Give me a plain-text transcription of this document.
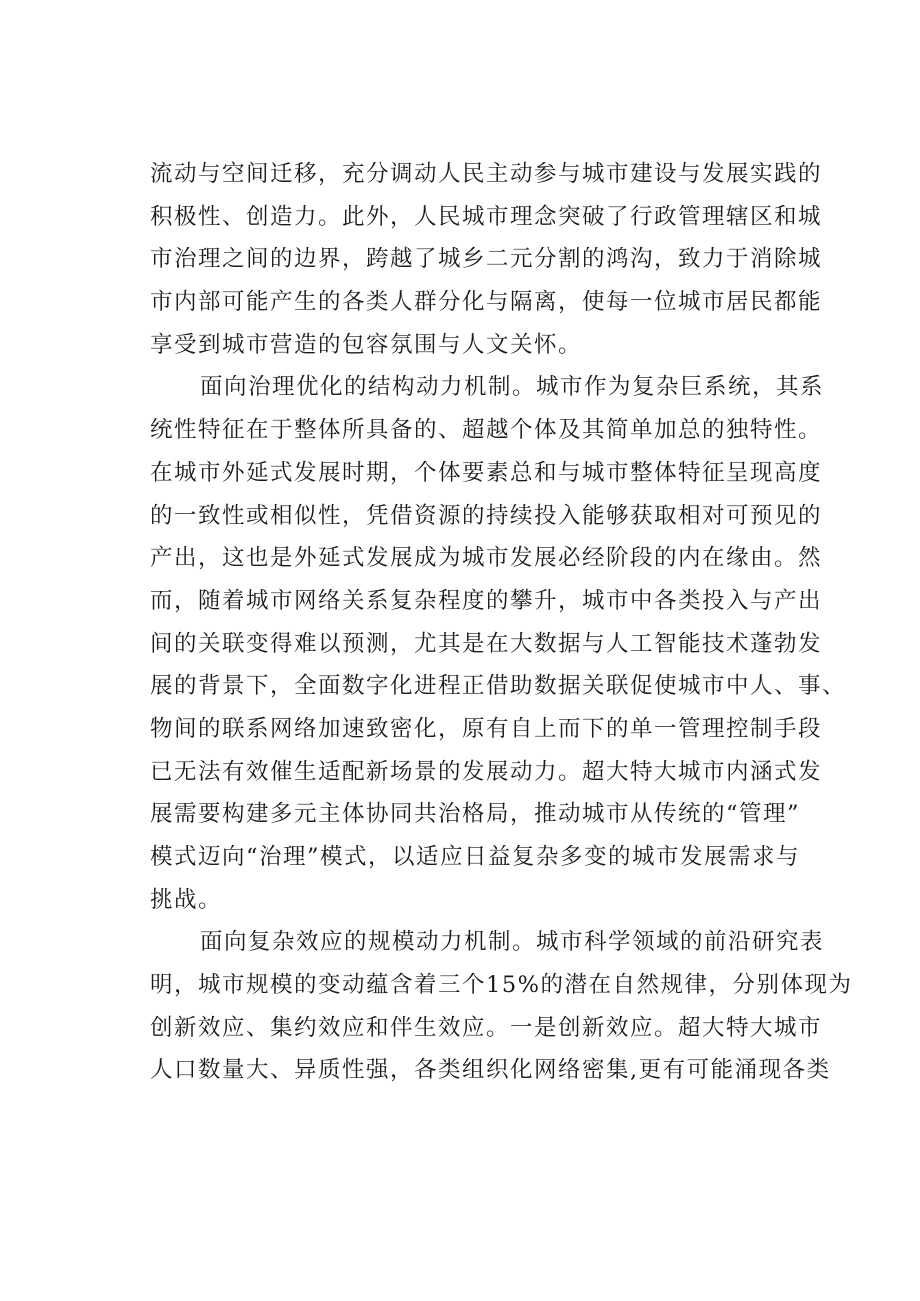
流动与空间迁移，充分调动人民主动参与城市建设与发展实践的
积极性、创造力。此外，人民城市理念突破了行政管理辖区和城
市治理之间的边界，跨越了城乡二元分割的鸿沟，致力于消除城
市内部可能产生的各类人群分化与隔离，使每一位城市居民都能
享受到城市营造的包容氛围与人文关怀。
面向治理优化的结构动力机制。城市作为复杂巨系统，其系
统性特征在于整体所具备的、超越个体及其简单加总的独特性。
在城市外延式发展时期，个体要素总和与城市整体特征呈现高度
的一致性或相似性，凭借资源的持续投入能够获取相对可预见的
产出，这也是外延式发展成为城市发展必经阶段的内在缘由。然
而，随着城市网络关系复杂程度的攀升，城市中各类投入与产出
间的关联变得难以预测，尤其是在大数据与人工智能技术蓬勃发
展的背景下，全面数字化进程正借助数据关联促使城市中人、事、
物间的联系网络加速致密化，原有自上而下的单一管理控制手段
已无法有效催生适配新场景的发展动力。超大特大城市内涵式发
展需要构建多元主体协同共治格局，推动城市从传统的“管理”
模式迈向“治理”模式，以适应日益复杂多变的城市发展需求与
挑战。
面向复杂效应的规模动力机制。城市科学领域的前沿研究表
明，城市规模的变动蕴含着三个15%的潜在自然规律，分别体现为
创新效应、集约效应和伴生效应。一是创新效应。超大特大城市
人口数量大、异质性强，各类组织化网络密集,更有可能涌现各类
